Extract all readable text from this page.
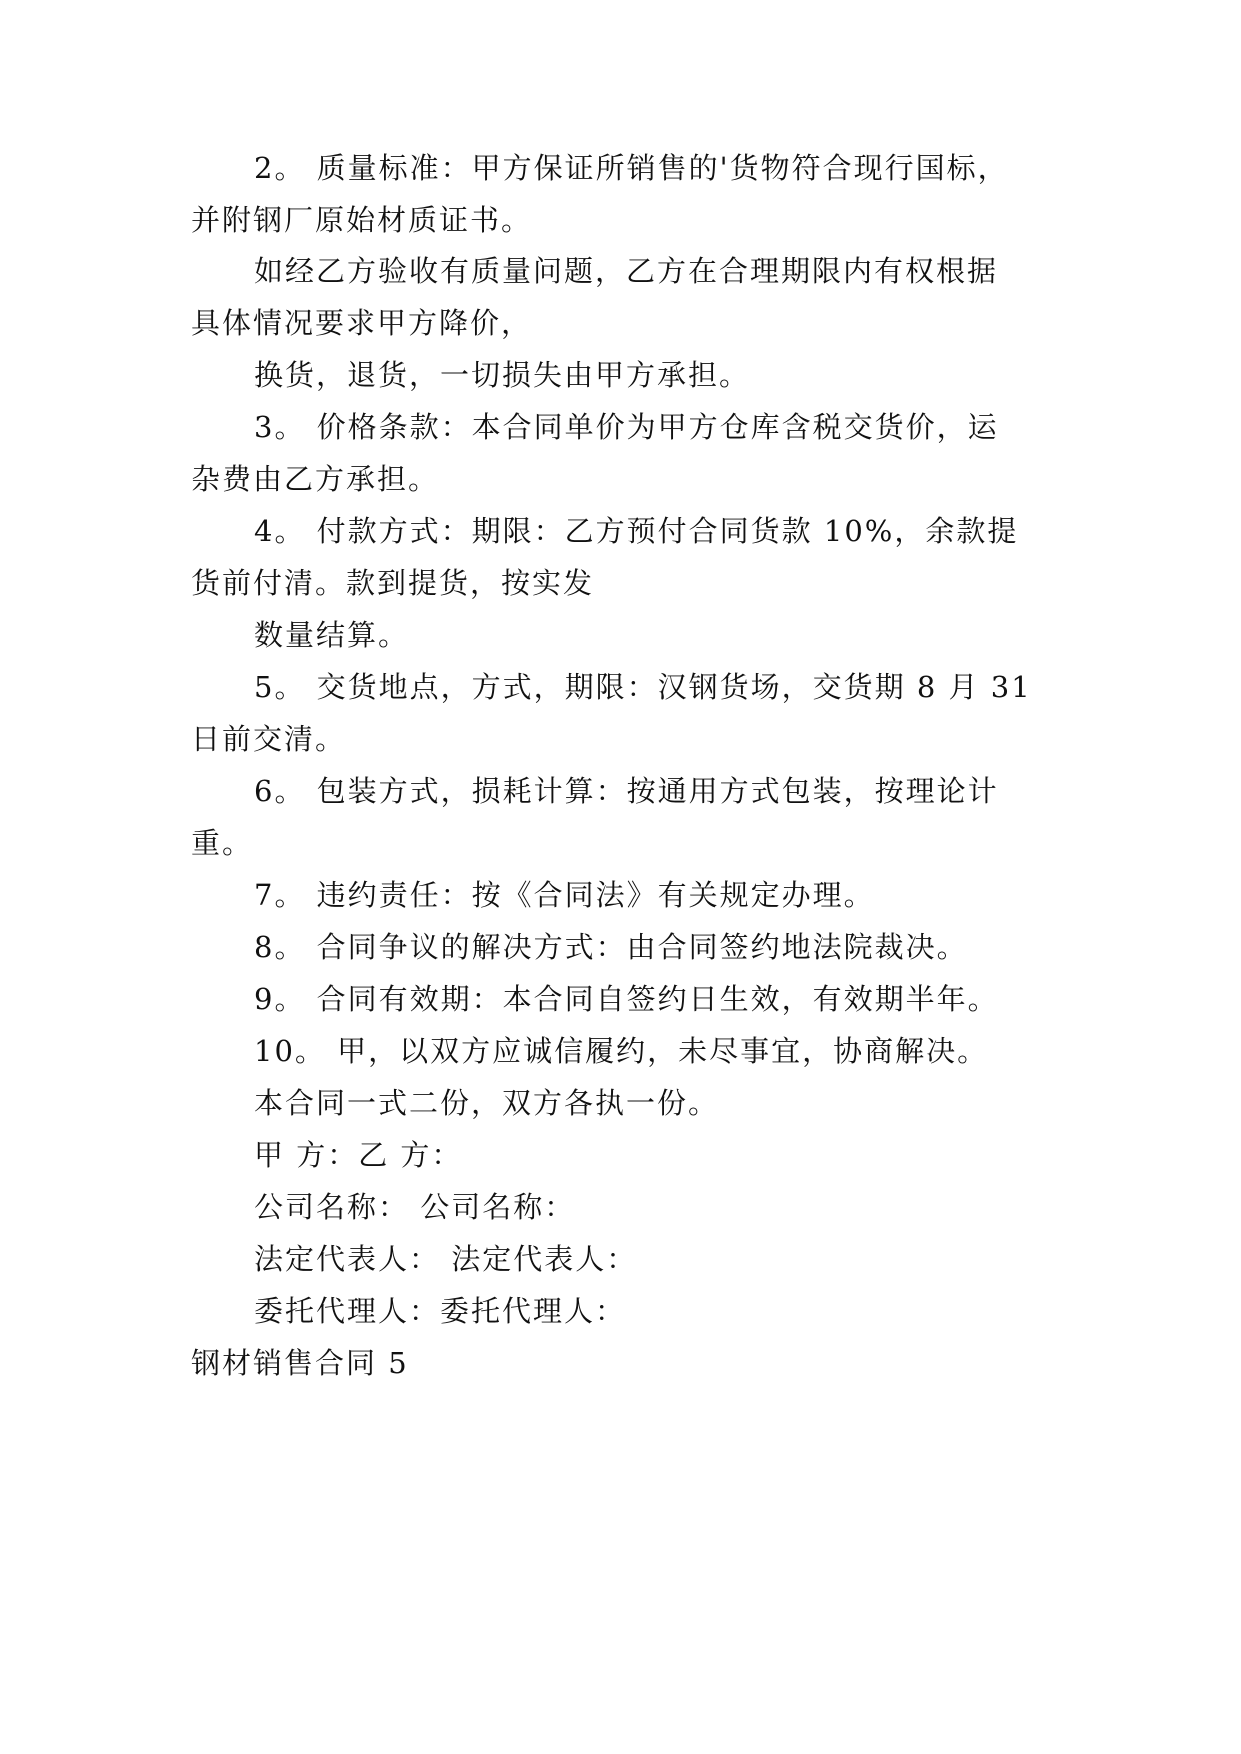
2。 质量标准：甲方保证所销售的'货物符合现行国标，
并附钢厂原始材质证书。
如经乙方验收有质量问题，乙方在合理期限内有权根据
具体情况要求甲方降价，
换货，退货，一切损失由甲方承担。
3。 价格条款：本合同单价为甲方仓库含税交货价，运
杂费由乙方承担。
4。 付款方式：期限：乙方预付合同货款 10%，余款提
货前付清。款到提货，按实发
数量结算。
5。 交货地点，方式，期限：汉钢货场，交货期 8 月 31
日前交清。
6。 包装方式，损耗计算：按通用方式包装，按理论计
重。
7。 违约责任：按《合同法》有关规定办理。
8。 合同争议的解决方式：由合同签约地法院裁决。
9。 合同有效期：本合同自签约日生效，有效期半年。
10。 甲，以双方应诚信履约，未尽事宜，协商解决。
本合同一式二份，双方各执一份。
甲 方：乙 方：
公司名称： 公司名称：
法定代表人： 法定代表人：
委托代理人：委托代理人：
钢材销售合同 5
